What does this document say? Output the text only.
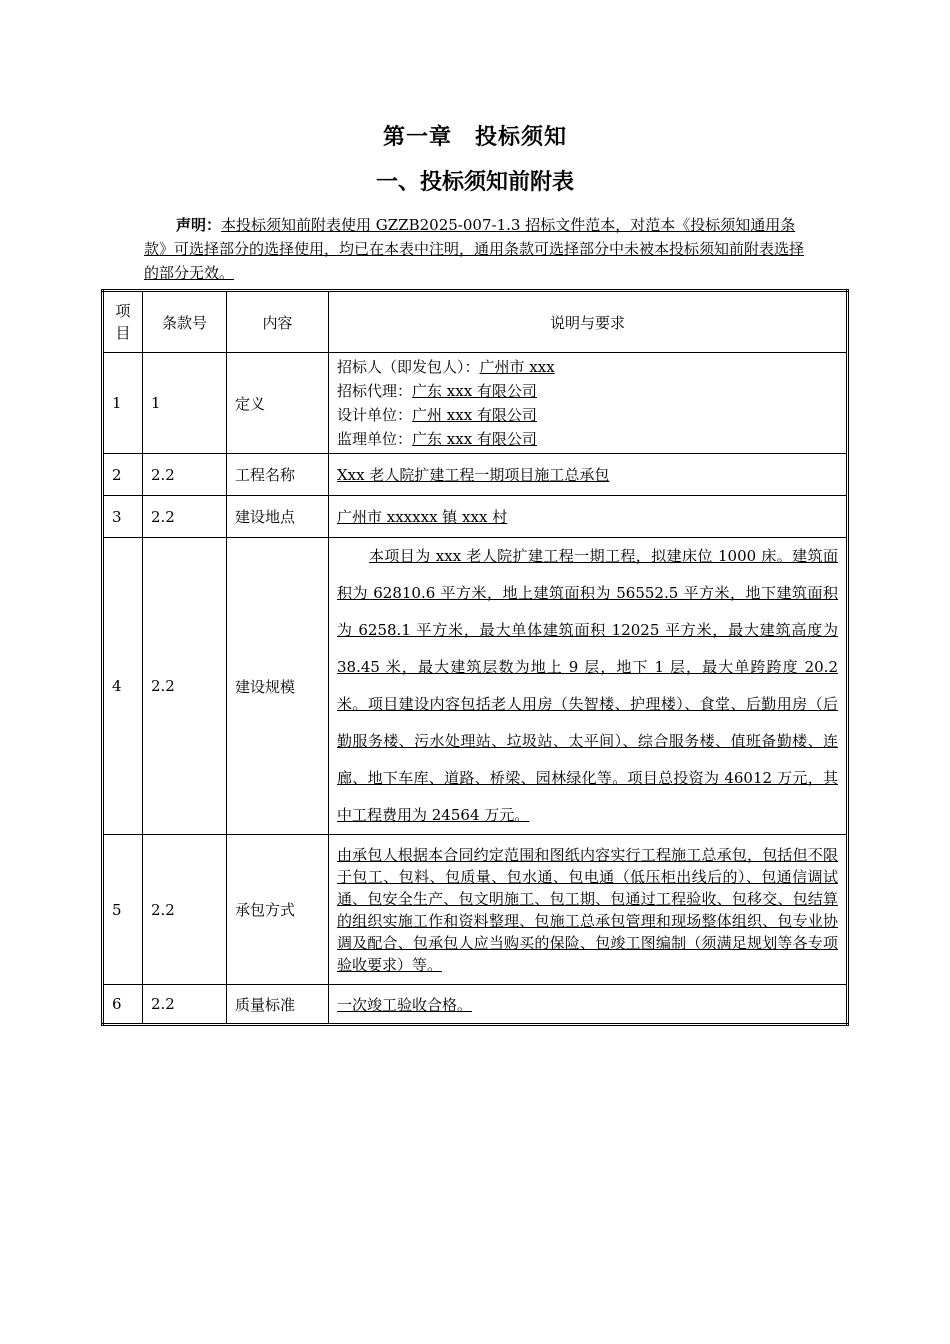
第一章　投标须知
一、投标须知前附表
声明：本投标须知前附表使用 GZZB2025-007-1.3 招标文件范本，对范本《投标须知通用条款》可选择部分的选择使用，均已在本表中注明，通用条款可选择部分中未被本投标须知前附表选择的部分无效。
项目	条款号	内容	说明与要求
1	1	定义	招标人（即发包人）：广州市 xxx
招标代理：广东 xxx 有限公司
设计单位：广州 xxx 有限公司
监理单位：广东 xxx 有限公司

2	2.2	工程名称	Xxx 老人院扩建工程一期项目施工总承包
3	2.2	建设地点	广州市 xxxxxx 镇 xxx 村
4	2.2	建设规模	本项目为 xxx 老人院扩建工程一期工程，拟建床位 1000 床。建筑面积为 62810.6 平方米，地上建筑面积为 56552.5 平方米，地下建筑面积为 6258.1 平方米，最大单体建筑面积 12025 平方米，最大建筑高度为 38.45 米，最大建筑层数为地上 9 层，地下 1 层，最大单跨跨度 20.2 米。项目建设内容包括老人用房（失智楼、护理楼）、食堂、后勤用房（后勤服务楼、污水处理站、垃圾站、太平间）、综合服务楼、值班备勤楼、连廊、地下车库、道路、桥梁、园林绿化等。项目总投资为 46012 万元，其中工程费用为 24564 万元。

5	2.2	承包方式	由承包人根据本合同约定范围和图纸内容实行工程施工总承包，包括但不限于包工、包料、包质量、包水通、包电通（低压柜出线后的）、包通信调试通、包安全生产、包文明施工、包工期、包通过工程验收、包移交、包结算的组织实施工作和资料整理、包施工总承包管理和现场整体组织、包专业协调及配合、包承包人应当购买的保险、包竣工图编制（须满足规划等各专项验收要求）等。

6	2.2	质量标准	一次竣工验收合格。
